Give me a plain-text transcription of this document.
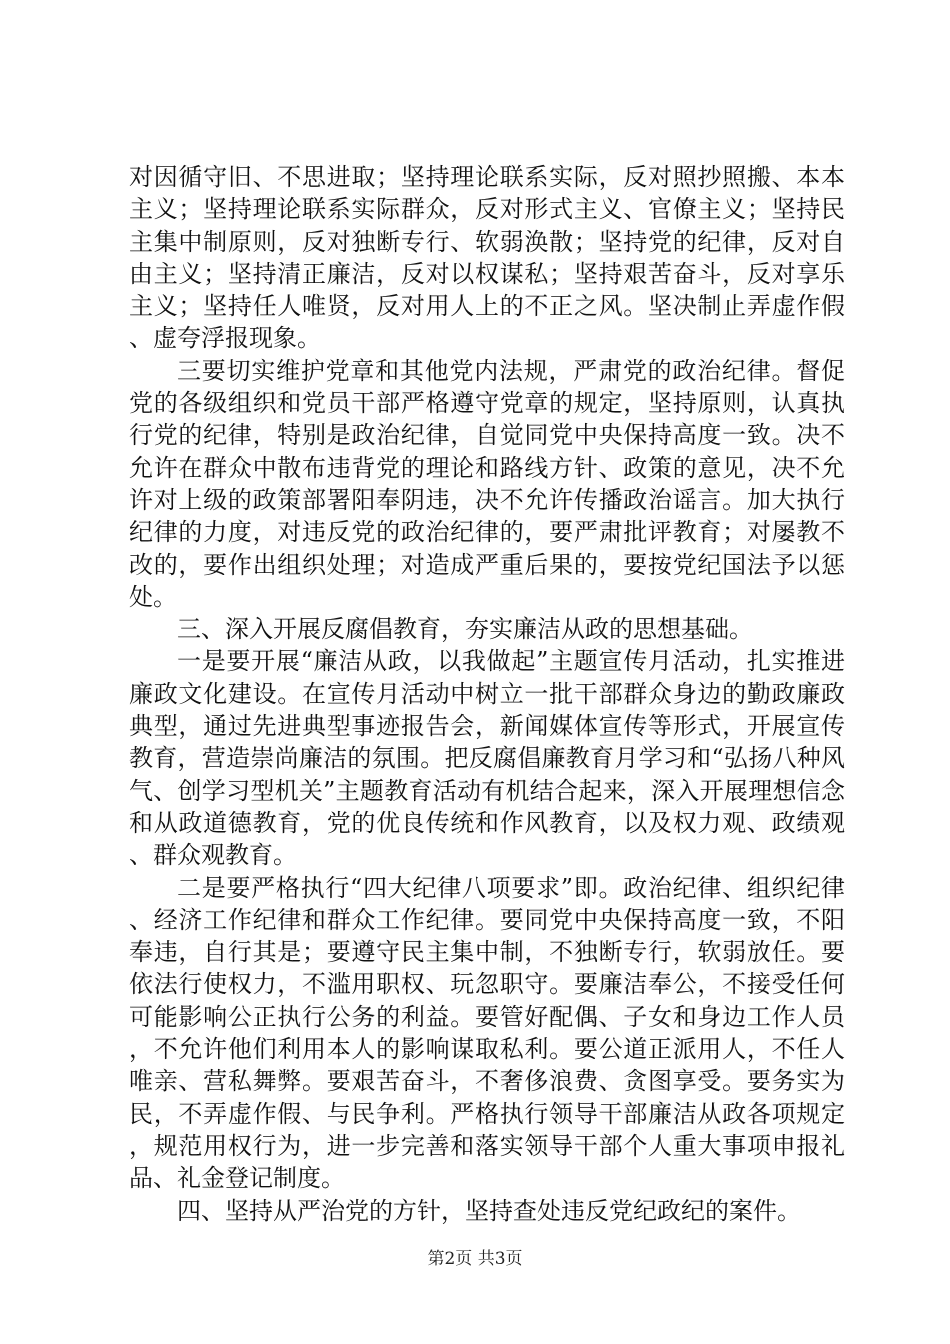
对因循守旧、不思进取；坚持理论联系实际，反对照抄照搬、本本主义；坚持理论联系实际群众，反对形式主义、官僚主义；坚持民主集中制原则，反对独断专行、软弱涣散；坚持党的纪律，反对自由主义；坚持清正廉洁，反对以权谋私；坚持艰苦奋斗，反对享乐主义；坚持任人唯贤，反对用人上的不正之风。坚决制止弄虚作假、虚夸浮报现象。

三要切实维护党章和其他党内法规，严肃党的政治纪律。督促党的各级组织和党员干部严格遵守党章的规定，坚持原则，认真执行党的纪律，特别是政治纪律，自觉同党中央保持高度一致。决不允许在群众中散布违背党的理论和路线方针、政策的意见，决不允许对上级的政策部署阳奉阴违，决不允许传播政治谣言。加大执行纪律的力度，对违反党的政治纪律的，要严肃批评教育；对屡教不改的，要作出组织处理；对造成严重后果的，要按党纪国法予以惩处。

三、深入开展反腐倡教育，夯实廉洁从政的思想基础。

一是要开展“廉洁从政，以我做起”主题宣传月活动，扎实推进廉政文化建设。在宣传月活动中树立一批干部群众身边的勤政廉政典型，通过先进典型事迹报告会，新闻媒体宣传等形式，开展宣传教育，营造崇尚廉洁的氛围。把反腐倡廉教育月学习和“弘扬八种风气、创学习型机关”主题教育活动有机结合起来，深入开展理想信念和从政道德教育，党的优良传统和作风教育，以及权力观、政绩观、群众观教育。

二是要严格执行“四大纪律八项要求”即。政治纪律、组织纪律、经济工作纪律和群众工作纪律。要同党中央保持高度一致，不阳奉违，自行其是；要遵守民主集中制，不独断专行，软弱放任。要依法行使权力，不滥用职权、玩忽职守。要廉洁奉公，不接受任何可能影响公正执行公务的利益。要管好配偶、子女和身边工作人员，不允许他们利用本人的影响谋取私利。要公道正派用人，不任人唯亲、营私舞弊。要艰苦奋斗，不奢侈浪费、贪图享受。要务实为民，不弄虚作假、与民争利。严格执行领导干部廉洁从政各项规定，规范用权行为，进一步完善和落实领导干部个人重大事项申报礼品、礼金登记制度。

四、坚持从严治党的方针，坚持查处违反党纪政纪的案件。

第2页 共3页
